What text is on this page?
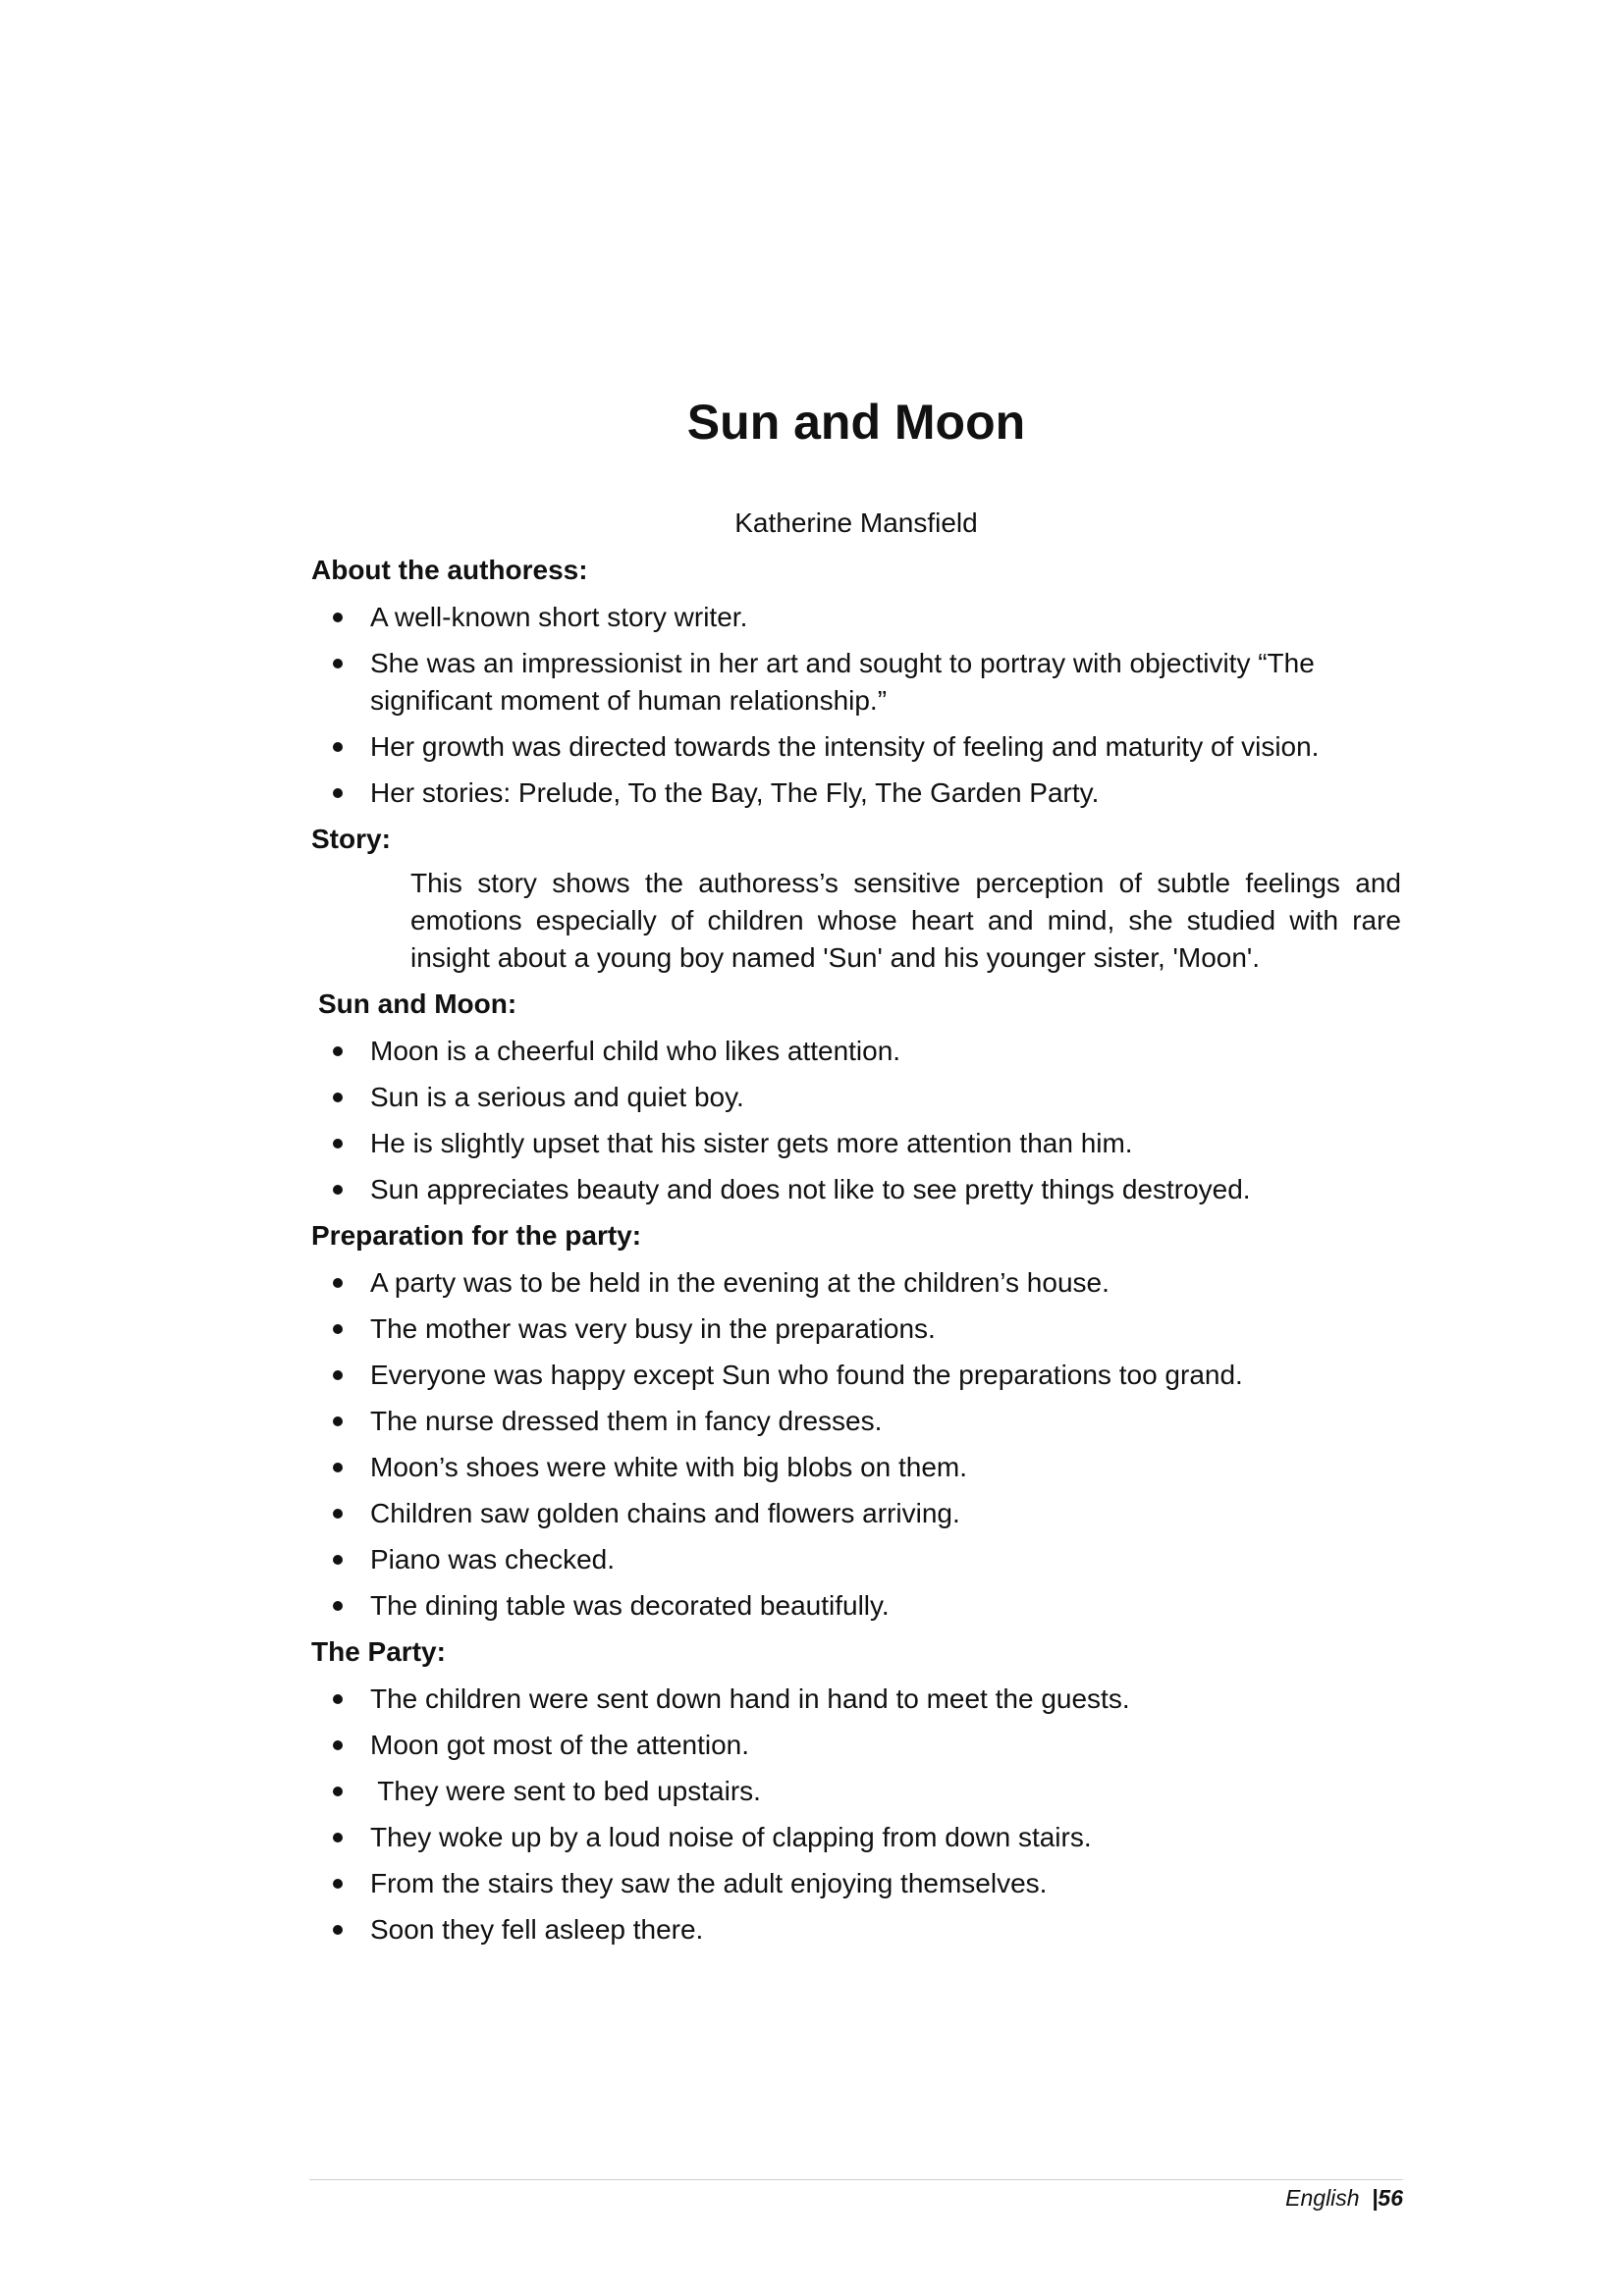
Sun and Moon
Katherine Mansfield
About the authoress:
A well-known short story writer.
She was an impressionist in her art and sought to portray with objectivity “The significant moment of human relationship.”
Her growth was directed towards the intensity of feeling and maturity of vision.
Her stories: Prelude, To the Bay, The Fly, The Garden Party.
Story:
This story shows the authoress’s sensitive perception of subtle feelings and emotions especially of children whose heart and mind, she studied with rare insight about a young boy named 'Sun' and his younger sister, 'Moon'.
Sun and Moon:
Moon is a cheerful child who likes attention.
Sun is a serious and quiet boy.
He is slightly upset that his sister gets more attention than him.
Sun appreciates beauty and does not like to see pretty things destroyed.
Preparation for the party:
A party was to be held in the evening at the children’s house.
The mother was very busy in the preparations.
Everyone was happy except Sun who found the preparations too grand.
The nurse dressed them in fancy dresses.
Moon’s shoes were white with big blobs on them.
Children saw golden chains and flowers arriving.
Piano was checked.
The dining table was decorated beautifully.
The Party:
The children were sent down hand in hand to meet the guests.
Moon got most of the attention.
They were sent to bed upstairs.
They woke up by a loud noise of clapping from down stairs.
From the stairs they saw the adult enjoying themselves.
Soon they fell asleep there.
English |56
